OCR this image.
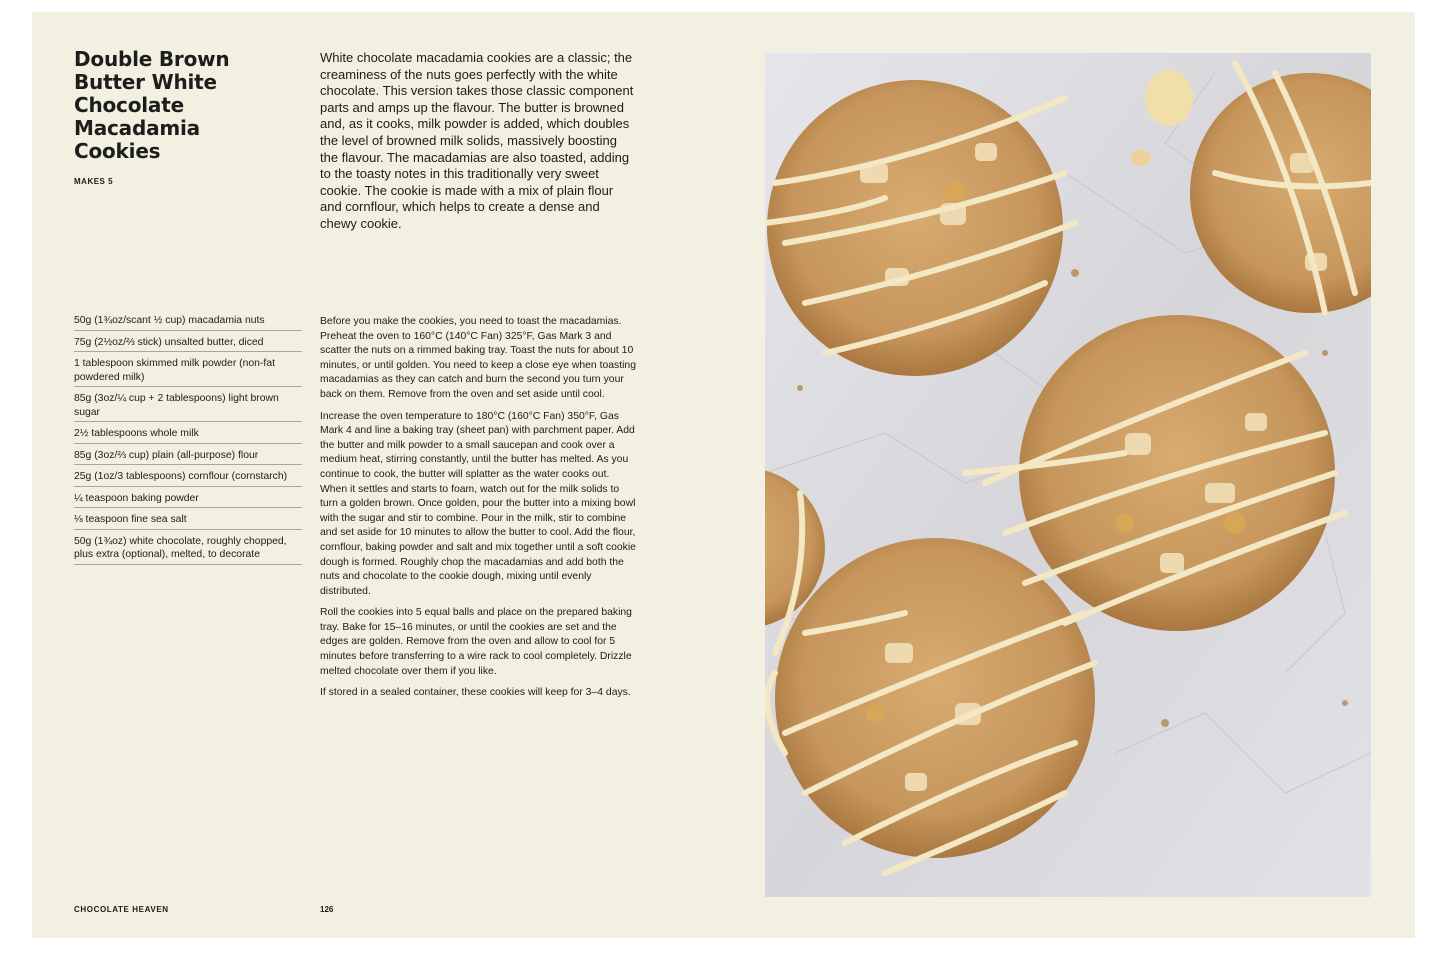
Double Brown Butter White Chocolate Macadamia Cookies
MAKES 5

White chocolate macadamia cookies are a classic; the creaminess of the nuts goes perfectly with the white chocolate. This version takes those classic component parts and amps up the flavour. The butter is browned and, as it cooks, milk powder is added, which doubles the level of browned milk solids, massively boosting the flavour. The macadamias are also toasted, adding to the toasty notes in this traditionally very sweet cookie. The cookie is made with a mix of plain flour and cornflour, which helps to create a dense and chewy cookie.

50g (1¾oz/scant ½ cup) macadamia nuts
75g (2½oz/⅔ stick) unsalted butter, diced
1 tablespoon skimmed milk powder (non-fat powdered milk)
85g (3oz/¼ cup + 2 tablespoons) light brown sugar
2½ tablespoons whole milk
85g (3oz/⅔ cup) plain (all-purpose) flour
25g (1oz/3 tablespoons) cornflour (cornstarch)
¼ teaspoon baking powder
⅛ teaspoon fine sea salt
50g (1¾oz) white chocolate, roughly chopped, plus extra (optional), melted, to decorate

Before you make the cookies, you need to toast the macadamias. Preheat the oven to 160°C (140°C Fan) 325°F, Gas Mark 3 and scatter the nuts on a rimmed baking tray. Toast the nuts for about 10 minutes, or until golden. You need to keep a close eye when toasting macadamias as they can catch and burn the second you turn your back on them. Remove from the oven and set aside until cool.

Increase the oven temperature to 180°C (160°C Fan) 350°F, Gas Mark 4 and line a baking tray (sheet pan) with parchment paper. Add the butter and milk powder to a small saucepan and cook over a medium heat, stirring constantly, until the butter has melted. As you continue to cook, the butter will splatter as the water cooks out. When it settles and starts to foam, watch out for the milk solids to turn a golden brown. Once golden, pour the butter into a mixing bowl with the sugar and stir to combine. Pour in the milk, stir to combine and set aside for 10 minutes to allow the butter to cool. Add the flour, cornflour, baking powder and salt and mix together until a soft cookie dough is formed. Roughly chop the macadamias and add both the nuts and chocolate to the cookie dough, mixing until evenly distributed.

Roll the cookies into 5 equal balls and place on the prepared baking tray. Bake for 15–16 minutes, or until the cookies are set and the edges are golden. Remove from the oven and allow to cool for 5 minutes before transferring to a wire rack to cool completely. Drizzle melted chocolate over them if you like.

If stored in a sealed container, these cookies will keep for 3–4 days.

CHOCOLATE HEAVEN	126
